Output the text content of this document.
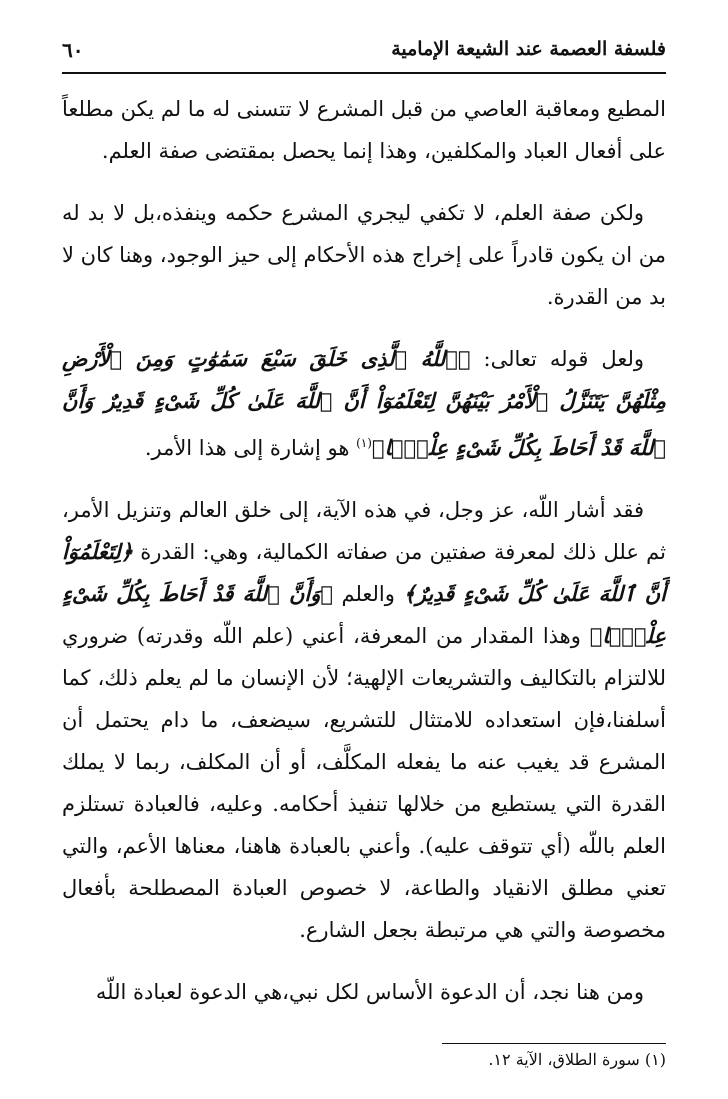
٦٠	فلسفة العصمة عند الشيعة الإمامية

المطيع ومعاقبة العاصي من قبل المشرع لا تتسنى له ما لم يكن مطلعاً على أفعال العباد والمكلفين، وهذا إنما يحصل بمقتضى صفة العلم.

ولكن صفة العلم، لا تكفي ليجري المشرع حكمه وينفذه،بل لا بد له من ان يكون قادراً على إخراج هذه الأحكام إلى حيز الوجود، وهنا كان لا بد من القدرة.

ولعل قوله تعالى: ﴿ٱللَّهُ ٱلَّذِى خَلَقَ سَبْعَ سَمَٰوَٰتٍ وَمِنَ ٱلْأَرْضِ مِثْلَهُنَّ يَتَنَزَّلُ ٱلْأَمْرُ بَيْنَهُنَّ لِتَعْلَمُوٓاْ أَنَّ ٱللَّهَ عَلَىٰ كُلِّ شَىْءٍ قَدِيرٌ وَأَنَّ ٱللَّهَ قَدْ أَحَاطَ بِكُلِّ شَىْءٍ عِلْمًۢا﴾$^{(١)}$ هو إشارة إلى هذا الأمر.

فقد أشار اللّه، عز وجل، في هذه الآية، إلى خلق العالم وتنزيل الأمر، ثم علل ذلك لمعرفة صفتين من صفاته الكمالية، وهي: القدرة ﴿لِتَعْلَمُوٓاْ أَنَّ ٱللَّهَ عَلَىٰ كُلِّ شَىْءٍ قَدِيرٌ﴾ والعلم ﴿وَأَنَّ ٱللَّهَ قَدْ أَحَاطَ بِكُلِّ شَىْءٍ عِلْمًۢا﴾ وهذا المقدار من المعرفة، أعني (علم اللّه وقدرته) ضروري للالتزام بالتكاليف والتشريعات الإلهية؛ لأن الإنسان ما لم يعلم ذلك، كما أسلفنا،فإن استعداده للامتثال للتشريع، سيضعف، ما دام يحتمل أن المشرع قد يغيب عنه ما يفعله المكلَّف، أو أن المكلف، ربما لا يملك القدرة التي يستطيع من خلالها تنفيذ أحكامه. وعليه، فالعبادة تستلزم العلم باللّه (أي تتوقف عليه). وأعني بالعبادة هاهنا، معناها الأعم، والتي تعني مطلق الانقياد والطاعة، لا خصوص العبادة المصطلحة بأفعال مخصوصة والتي هي مرتبطة بجعل الشارع.

ومن هنا نجد، أن الدعوة الأساس لكل نبي،هي الدعوة لعبادة اللّه

(١) سورة الطلاق، الآية ١٢.
